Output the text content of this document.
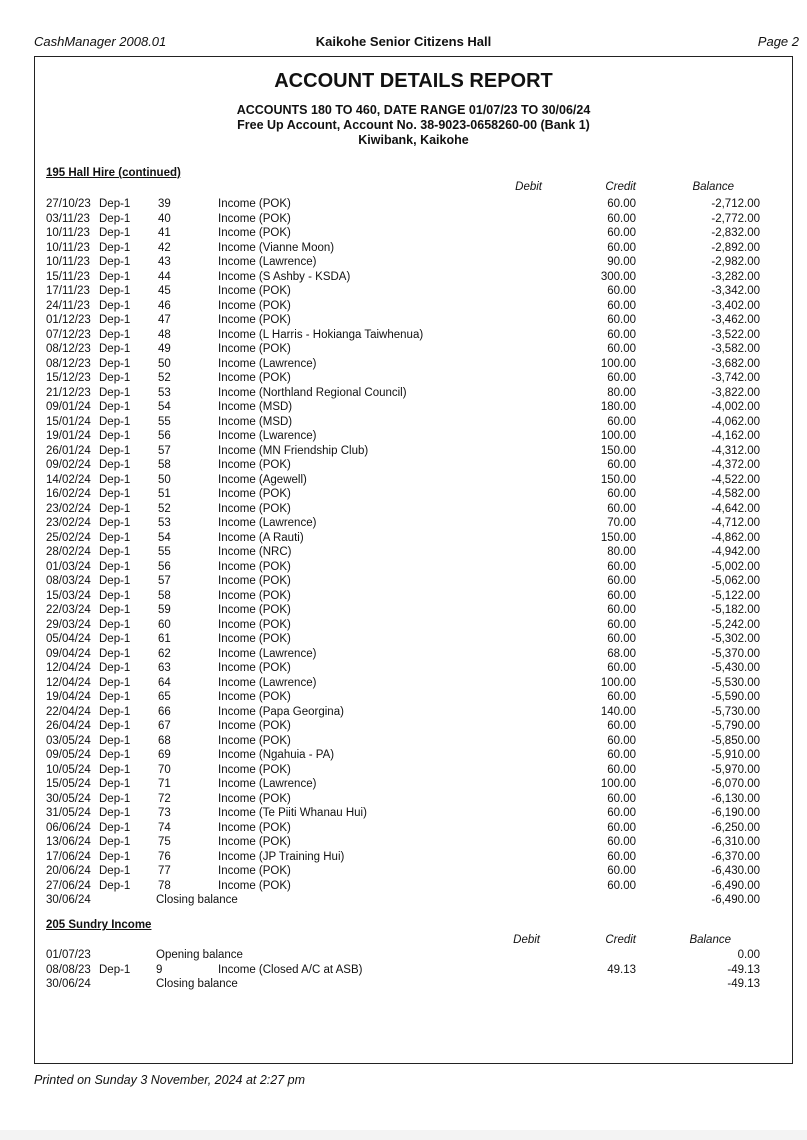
CashManager 2008.01	Kaikohe Senior Citizens Hall	Page 2
ACCOUNT DETAILS REPORT
ACCOUNTS 180 TO 460, DATE RANGE 01/07/23 TO 30/06/24
Free Up Account, Account No. 38-9023-0658260-00 (Bank 1)
Kiwibank, Kaikohe
195 Hall Hire (continued)
Debit	Credit	Balance
27/10/23 Dep-1 39	Income (POK)	60.00	-2,712.00
03/11/23 Dep-1 40	Income (POK)	60.00	-2,772.00
10/11/23 Dep-1 41	Income (POK)	60.00	-2,832.00
10/11/23 Dep-1 42	Income (Vianne Moon)	60.00	-2,892.00
10/11/23 Dep-1 43	Income (Lawrence)	90.00	-2,982.00
15/11/23 Dep-1 44	Income (S Ashby - KSDA)	300.00	-3,282.00
17/11/23 Dep-1 45	Income (POK)	60.00	-3,342.00
24/11/23 Dep-1 46	Income (POK)	60.00	-3,402.00
01/12/23 Dep-1 47	Income (POK)	60.00	-3,462.00
07/12/23 Dep-1 48	Income (L Harris - Hokianga Taiwhenua)	60.00	-3,522.00
08/12/23 Dep-1 49	Income (POK)	60.00	-3,582.00
08/12/23 Dep-1 50	Income (Lawrence)	100.00	-3,682.00
15/12/23 Dep-1 52	Income (POK)	60.00	-3,742.00
21/12/23 Dep-1 53	Income (Northland Regional Council)	80.00	-3,822.00
09/01/24 Dep-1 54	Income (MSD)	180.00	-4,002.00
15/01/24 Dep-1 55	Income (MSD)	60.00	-4,062.00
19/01/24 Dep-1 56	Income (Lwarence)	100.00	-4,162.00
26/01/24 Dep-1 57	Income (MN Friendship Club)	150.00	-4,312.00
09/02/24 Dep-1 58	Income (POK)	60.00	-4,372.00
14/02/24 Dep-1 50	Income (Agewell)	150.00	-4,522.00
16/02/24 Dep-1 51	Income (POK)	60.00	-4,582.00
23/02/24 Dep-1 52	Income (POK)	60.00	-4,642.00
23/02/24 Dep-1 53	Income (Lawrence)	70.00	-4,712.00
25/02/24 Dep-1 54	Income (A Rauti)	150.00	-4,862.00
28/02/24 Dep-1 55	Income (NRC)	80.00	-4,942.00
01/03/24 Dep-1 56	Income (POK)	60.00	-5,002.00
08/03/24 Dep-1 57	Income (POK)	60.00	-5,062.00
15/03/24 Dep-1 58	Income (POK)	60.00	-5,122.00
22/03/24 Dep-1 59	Income (POK)	60.00	-5,182.00
29/03/24 Dep-1 60	Income (POK)	60.00	-5,242.00
05/04/24 Dep-1 61	Income (POK)	60.00	-5,302.00
09/04/24 Dep-1 62	Income (Lawrence)	68.00	-5,370.00
12/04/24 Dep-1 63	Income (POK)	60.00	-5,430.00
12/04/24 Dep-1 64	Income (Lawrence)	100.00	-5,530.00
19/04/24 Dep-1 65	Income (POK)	60.00	-5,590.00
22/04/24 Dep-1 66	Income (Papa Georgina)	140.00	-5,730.00
26/04/24 Dep-1 67	Income (POK)	60.00	-5,790.00
03/05/24 Dep-1 68	Income (POK)	60.00	-5,850.00
09/05/24 Dep-1 69	Income (Ngahuia - PA)	60.00	-5,910.00
10/05/24 Dep-1 70	Income (POK)	60.00	-5,970.00
15/05/24 Dep-1 71	Income (Lawrence)	100.00	-6,070.00
30/05/24 Dep-1 72	Income (POK)	60.00	-6,130.00
31/05/24 Dep-1 73	Income (Te Piiti Whanau Hui)	60.00	-6,190.00
06/06/24 Dep-1 74	Income (POK)	60.00	-6,250.00
13/06/24 Dep-1 75	Income (POK)	60.00	-6,310.00
17/06/24 Dep-1 76	Income (JP Training Hui)	60.00	-6,370.00
20/06/24 Dep-1 77	Income (POK)	60.00	-6,430.00
27/06/24 Dep-1 78	Income (POK)	60.00	-6,490.00
30/06/24	Closing balance	-6,490.00
205 Sundry Income
Debit	Credit	Balance
01/07/23	Opening balance	0.00
08/08/23 Dep-1 9	Income (Closed A/C at ASB)	49.13	-49.13
30/06/24	Closing balance	-49.13
Printed on Sunday 3 November, 2024 at 2:27 pm
